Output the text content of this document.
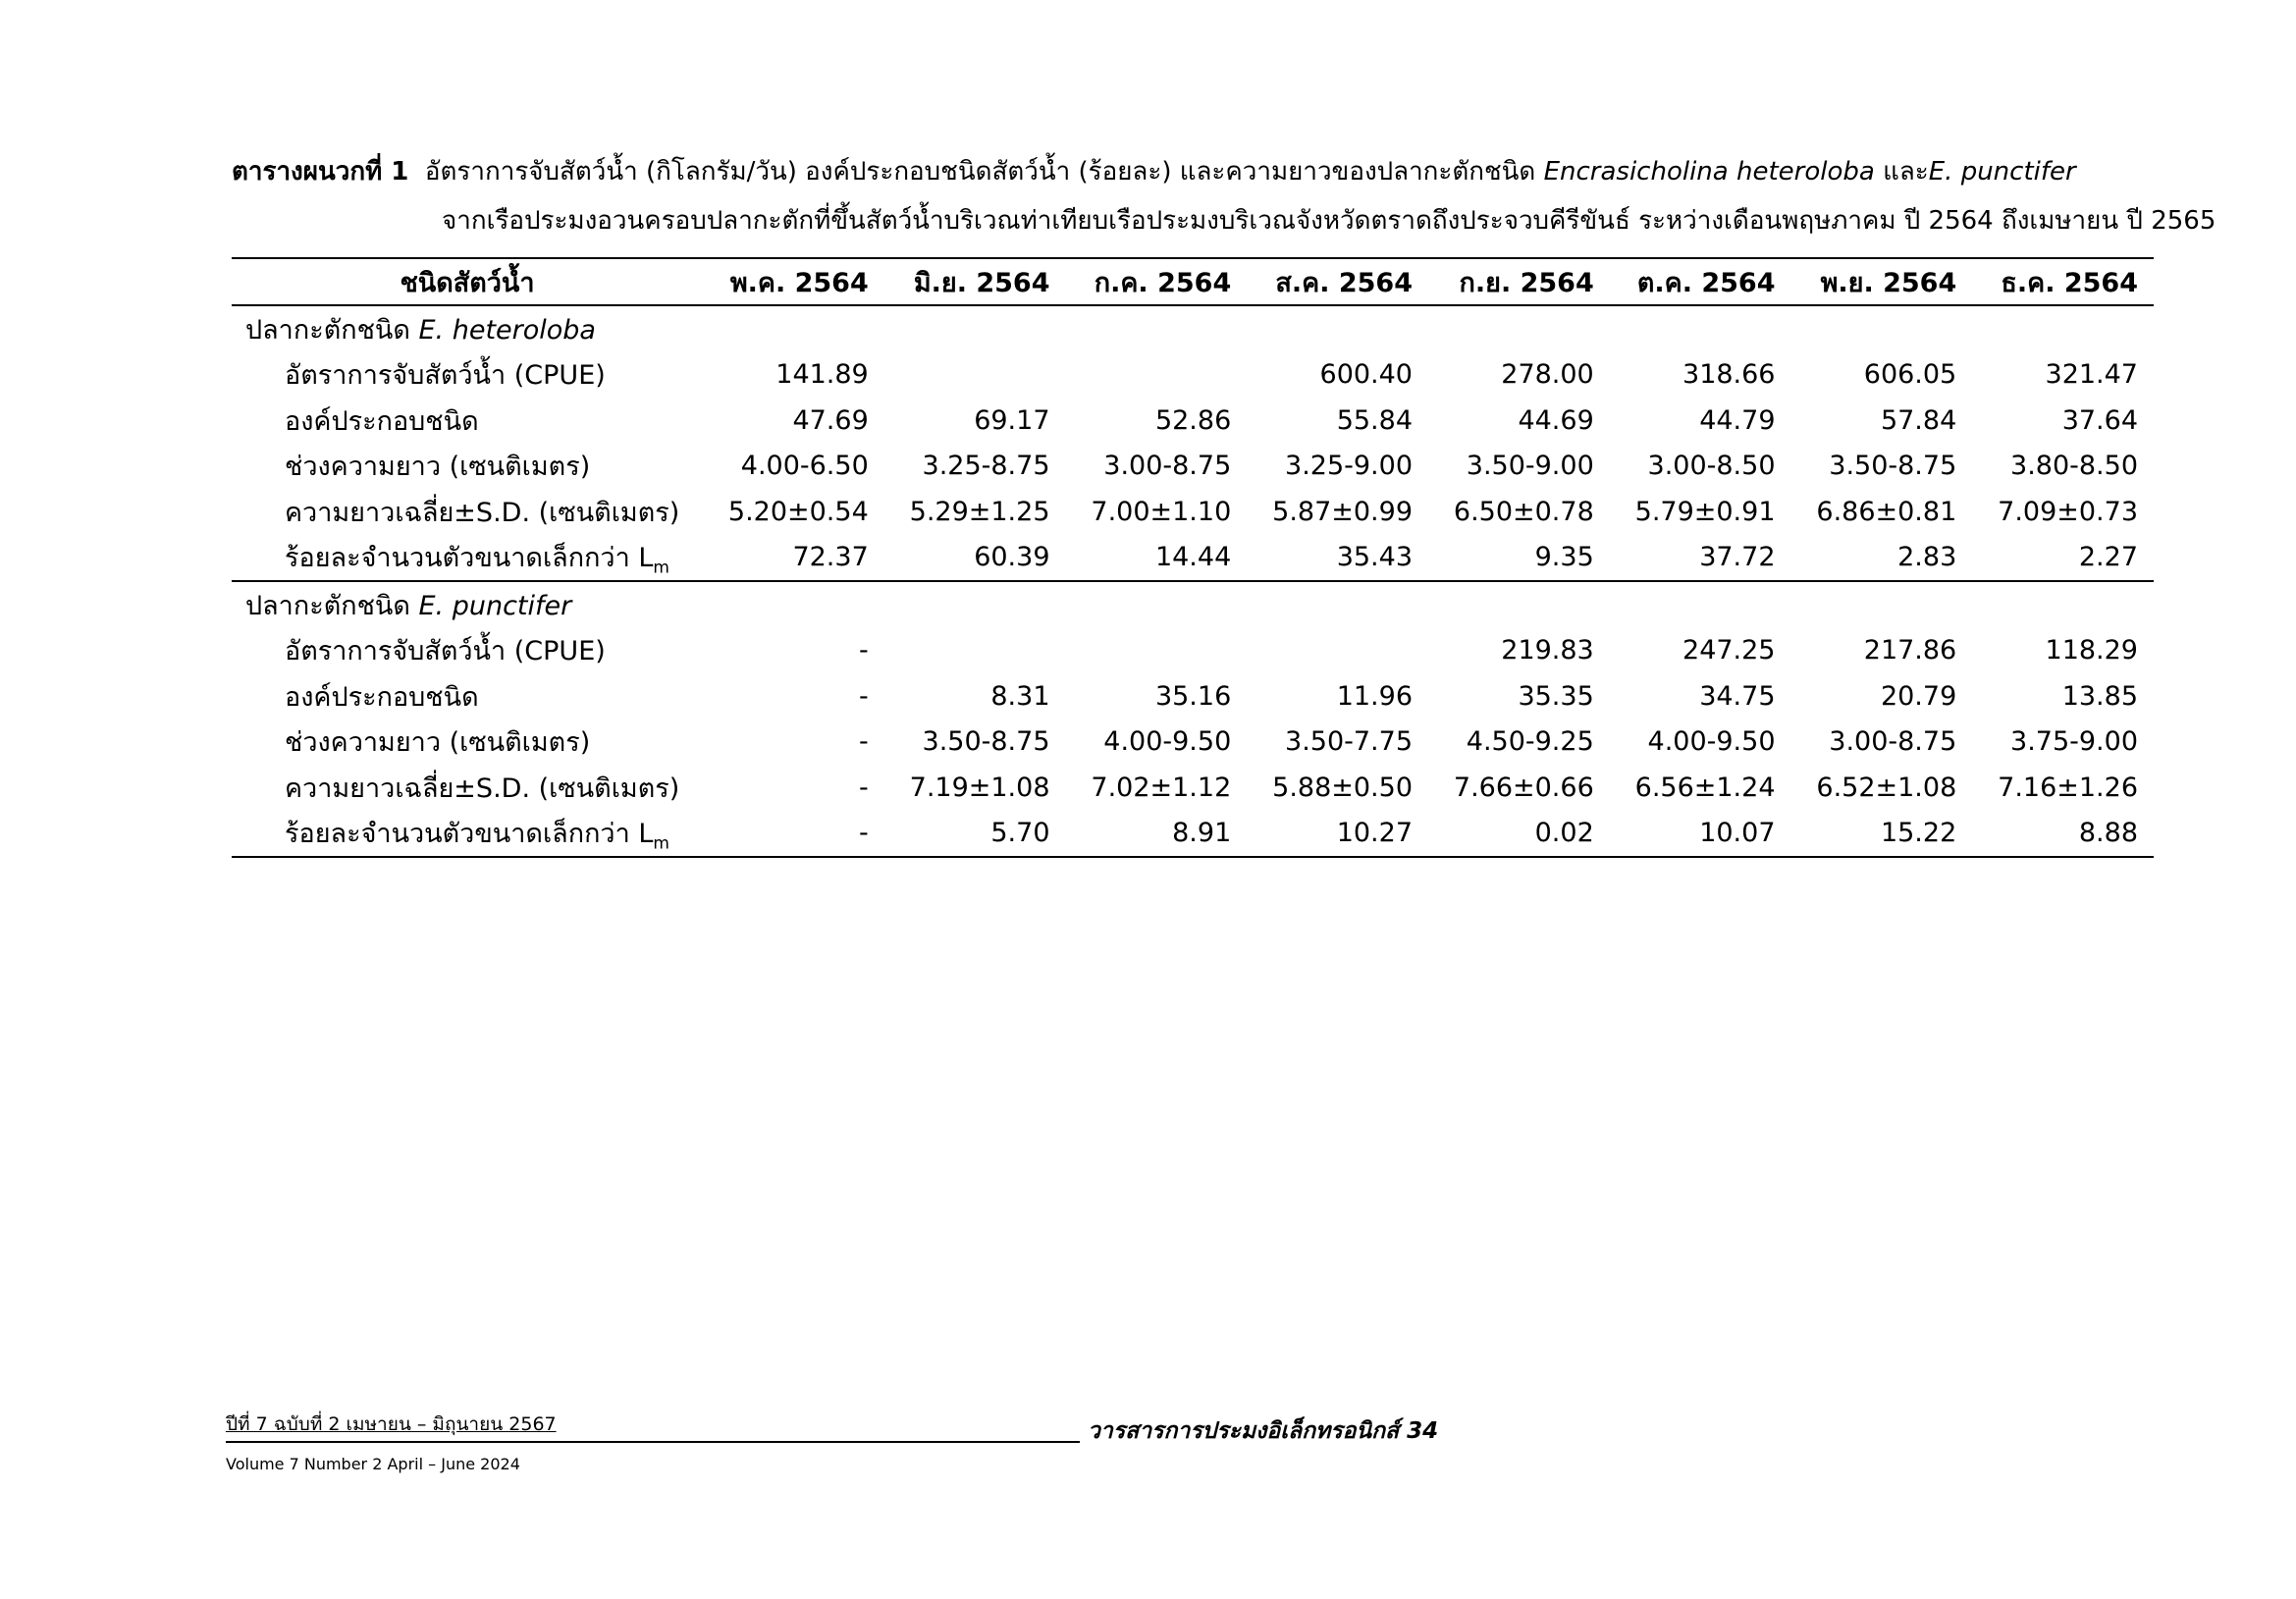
ตารางผนวกที่ 1 อัตราการจับสัตว์น้ำ (กิโลกรัม/วัน) องค์ประกอบชนิดสัตว์น้ำ (ร้อยละ) และความยาวของปลากะตักชนิด Encrasicholina heteroloba และE. punctifer
จากเรือประมงอวนครอบปลากะตักที่ขึ้นสัตว์น้ำบริเวณท่าเทียบเรือประมงบริเวณจังหวัดตราดถึงประจวบคีรีขันธ์ ระหว่างเดือนพฤษภาคม ปี 2564 ถึงเมษายน ปี 2565
ชนิดสัตว์น้ำ	พ.ค. 2564	มิ.ย. 2564	ก.ค. 2564	ส.ค. 2564	ก.ย. 2564	ต.ค. 2564	พ.ย. 2564	ธ.ค. 2564
ปลากะตักชนิด E. heteroloba								
อัตราการจับสัตว์น้ำ (CPUE)	141.89			600.40	278.00	318.66	606.05	321.47
องค์ประกอบชนิด	47.69	69.17	52.86	55.84	44.69	44.79	57.84	37.64
ช่วงความยาว (เซนติเมตร)	4.00-6.50	3.25-8.75	3.00-8.75	3.25-9.00	3.50-9.00	3.00-8.50	3.50-8.75	3.80-8.50
ความยาวเฉลี่ย±S.D. (เซนติเมตร)	5.20±0.54	5.29±1.25	7.00±1.10	5.87±0.99	6.50±0.78	5.79±0.91	6.86±0.81	7.09±0.73
ร้อยละจำนวนตัวขนาดเล็กกว่า $L_m$	72.37	60.39	14.44	35.43	9.35	37.72	2.83	2.27
ปลากะตักชนิด E. punctifer								
อัตราการจับสัตว์น้ำ (CPUE)	-				219.83	247.25	217.86	118.29
องค์ประกอบชนิด	-	8.31	35.16	11.96	35.35	34.75	20.79	13.85
ช่วงความยาว (เซนติเมตร)	-	3.50-8.75	4.00-9.50	3.50-7.75	4.50-9.25	4.00-9.50	3.00-8.75	3.75-9.00
ความยาวเฉลี่ย±S.D. (เซนติเมตร)	-	7.19±1.08	7.02±1.12	5.88±0.50	7.66±0.66	6.56±1.24	6.52±1.08	7.16±1.26
ร้อยละจำนวนตัวขนาดเล็กกว่า $L_m$	-	5.70	8.91	10.27	0.02	10.07	15.22	8.88
ปีที่ 7 ฉบับที่ 2 เมษายน – มิถุนายน 2567
Volume 7 Number 2 April – June 2024
วารสารการประมงอิเล็กทรอนิกส์ 34
